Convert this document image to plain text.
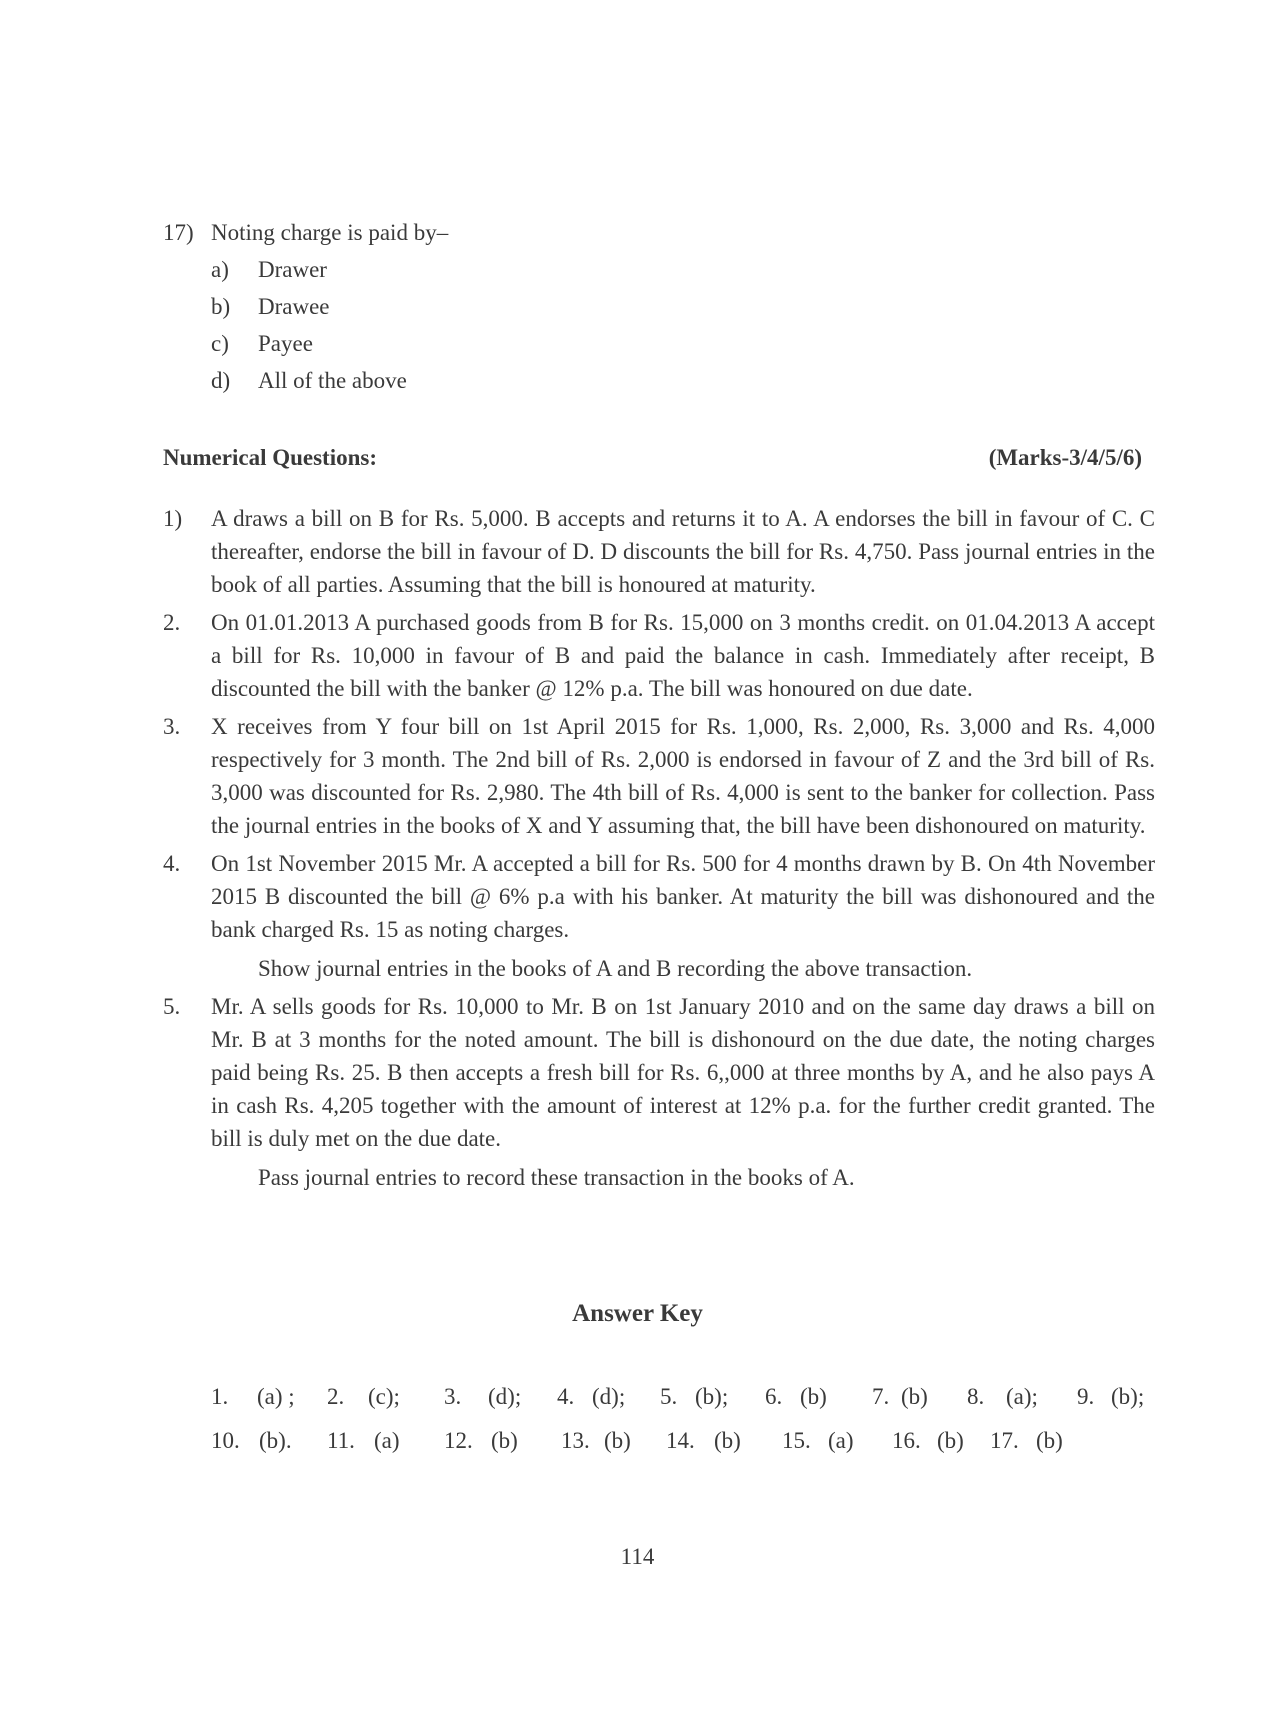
17) Noting charge is paid by–
a) Drawer
b) Drawee
c) Payee
d) All of the above
Numerical Questions:	(Marks-3/4/5/6)
1)	A draws a bill on B for Rs. 5,000. B accepts and returns it to A. A endorses the bill in favour of C. C thereafter, endorse the bill in favour of D. D discounts the bill for Rs. 4,750. Pass journal entries in the book of all parties. Assuming that the bill is honoured at maturity.
2.	On 01.01.2013 A purchased goods from B for Rs. 15,000 on 3 months credit. on 01.04.2013 A accept a bill for Rs. 10,000 in favour of B and paid the balance in cash. Immediately after receipt, B discounted the bill with the banker @ 12% p.a. The bill was honoured on due date.
3.	X receives from Y four bill on 1st April 2015 for Rs. 1,000, Rs. 2,000, Rs. 3,000 and Rs. 4,000 respectively for 3 month. The 2nd bill of Rs. 2,000 is endorsed in favour of Z and the 3rd bill of Rs. 3,000 was discounted for Rs. 2,980. The 4th bill of Rs. 4,000 is sent to the banker for collection. Pass the journal entries in the books of X and Y assuming that, the bill have been dishonoured on maturity.
4.	On 1st November 2015 Mr. A accepted a bill for Rs. 500 for 4 months drawn by B. On 4th November 2015 B discounted the bill @ 6% p.a with his banker. At maturity the bill was dishonoured and the bank charged Rs. 15 as noting charges.
Show journal entries in the books of A and B recording the above transaction.
5.	Mr. A sells goods for Rs. 10,000 to Mr. B on 1st January 2010 and on the same day draws a bill on Mr. B at 3 months for the noted amount. The bill is dishonourd on the due date, the noting charges paid being Rs. 25. B then accepts a fresh bill for Rs. 6,,000 at three months by A, and he also pays A in cash Rs. 4,205 together with the amount of interest at 12% p.a. for the further credit granted. The bill is duly met on the due date.
Pass journal entries to record these transaction in the books of A.
Answer Key
1. (a) ; 2. (c); 3. (d); 4. (d); 5. (b); 6. (b) 7. (b) 8. (a); 9. (b);
10. (b). 11. (a) 12. (b) 13. (b) 14. (b) 15. (a) 16. (b) 17. (b)
114
